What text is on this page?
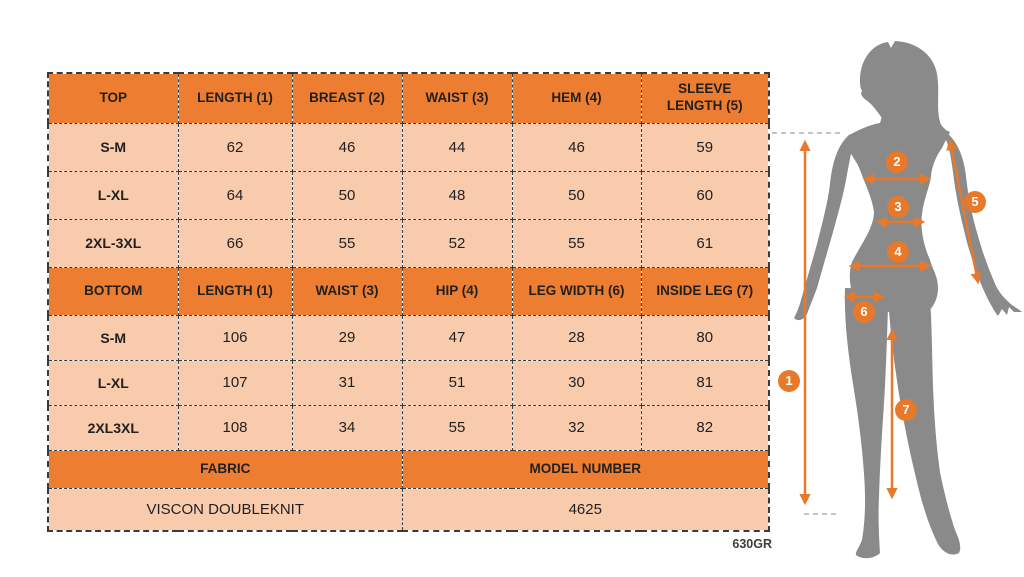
TOP	LENGTH (1)	BREAST (2)	WAIST (3)	HEM (4)	SLEEVE LENGTH (5)
S-M	62	46	44	46	59
L-XL	64	50	48	50	60
2XL-3XL	66	55	52	55	61
BOTTOM	LENGTH (1)	WAIST (3)	HIP (4)	LEG WIDTH (6)	INSIDE LEG (7)
S-M	106	29	47	28	80
L-XL	107	31	51	30	81
2XL3XL	108	34	55	32	82
FABRIC			MODEL NUMBER		
VISCON DOUBLEKNIT			4625		
630GR
1
2
3
4
5
6
7
